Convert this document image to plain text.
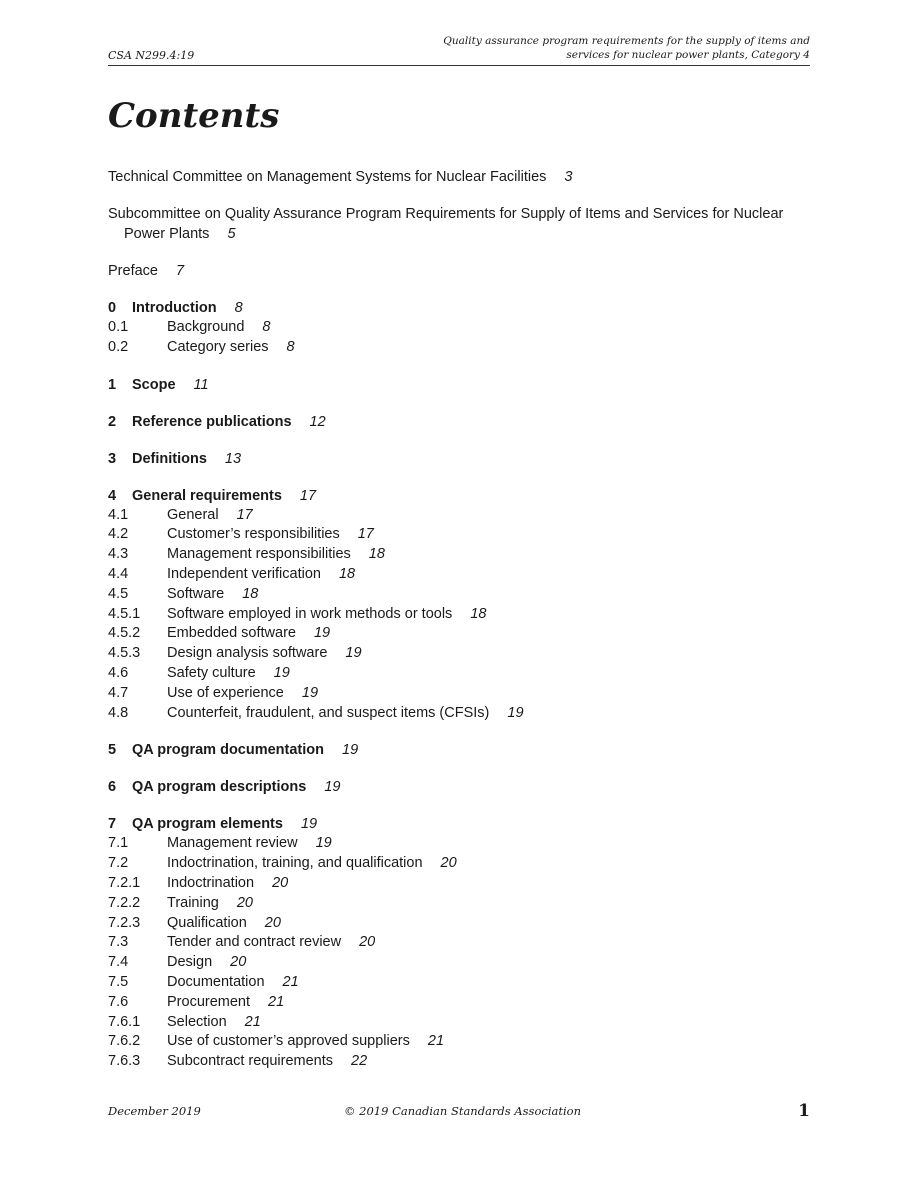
CSA N299.4:19
Quality assurance program requirements for the supply of items and
services for nuclear power plants, Category 4
Contents
Technical Committee on Management Systems for Nuclear Facilities 3
Subcommittee on Quality Assurance Program Requirements for Supply of Items and Services for Nuclear Power Plants 5
Preface 7
0 Introduction 8
0.1	Background 8
0.2	Category series 8
1 Scope 11
2 Reference publications 12
3 Definitions 13
4 General requirements 17
4.1	General 17
4.2	Customer’s responsibilities 17
4.3	Management responsibilities 18
4.4	Independent verification 18
4.5	Software 18
4.5.1 Software employed in work methods or tools 18
4.5.2 Embedded software 19
4.5.3 Design analysis software 19
4.6	Safety culture 19
4.7	Use of experience 19
4.8	Counterfeit, fraudulent, and suspect items (CFSIs) 19
5 QA program documentation 19
6 QA program descriptions 19
7 QA program elements 19
7.1	Management review 19
7.2	Indoctrination, training, and qualification 20
7.2.1 Indoctrination 20
7.2.2 Training 20
7.2.3 Qualification 20
7.3	Tender and contract review 20
7.4	Design 20
7.5	Documentation 21
7.6	Procurement 21
7.6.1 Selection 21
7.6.2 Use of customer’s approved suppliers 21
7.6.3 Subcontract requirements 22
December 2019	© 2019 Canadian Standards Association	1
